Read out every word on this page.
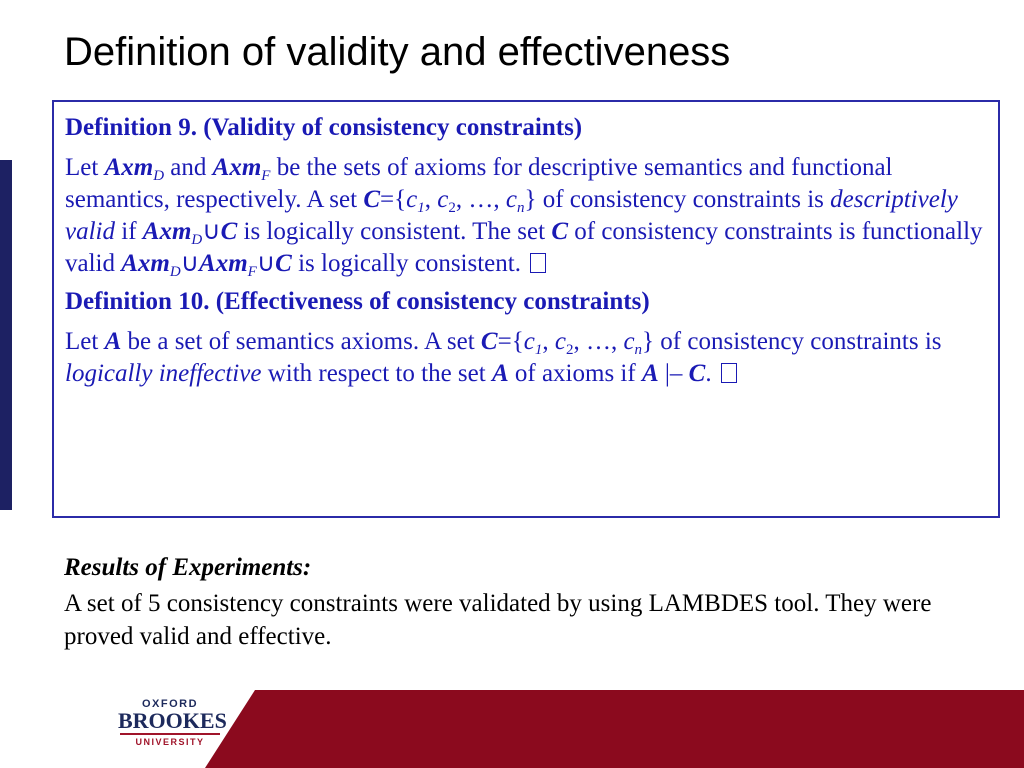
Definition of validity and effectiveness

Definition 9. (Validity of consistency constraints)

Let Axm$_D$ and Axm$_F$ be the sets of axioms for descriptive semantics and functional semantics, respectively. A set $C=\{c_1$, $c_2$, …, $c_n$} of consistency constraints is descriptively valid if Axm$_D$∪C is logically consistent. The set C of consistency constraints is functionally valid Axm$_D$∪Axm$_F$∪C is logically consistent.

Definition 10. (Effectiveness of consistency constraints)

Let A be a set of semantics axioms. A set $C=\{c_1$, $c_2$, …, $c_n$} of consistency constraints is logically ineffective with respect to the set A of axioms if A |– C.

Results of Experiments:

A set of 5 consistency constraints were validated by using LAMBDES tool. They were proved valid and effective.

OXFORD
BROOKES
UNIVERSITY
